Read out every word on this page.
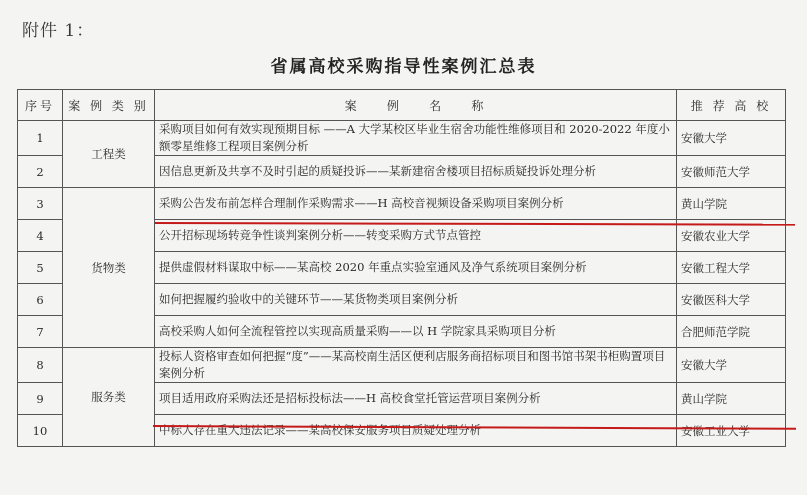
附件 1：
省属高校采购指导性案例汇总表
序号	案 例 类 别	案    例    名    称	推 荐 高 校
1	工程类	采购项目如何有效实现预期目标 ——A 大学某校区毕业生宿舍功能性维修项目和 2020-2022 年度小额零星维修工程项目案例分析	安徽大学
2		因信息更新及共享不及时引起的质疑投诉——某新建宿舍楼项目招标质疑投诉处理分析	安徽师范大学
3	货物类	采购公告发布前怎样合理制作采购需求——H 高校音视频设备采购项目案例分析	黄山学院
4		公开招标现场转竞争性谈判案例分析——转变采购方式节点管控	安徽农业大学
5		提供虚假材料谋取中标——某高校 2020 年重点实验室通风及净气系统项目案例分析	安徽工程大学
6		如何把握履约验收中的关键环节——某货物类项目案例分析	安徽医科大学
7		高校采购人如何全流程管控以实现高质量采购——以 H 学院家具采购项目分析	合肥师范学院
8	服务类	投标人资格审查如何把握“度”——某高校南生活区便利店服务商招标项目和图书馆书架书柜购置项目案例分析	安徽大学
9		项目适用政府采购法还是招标投标法——H 高校食堂托管运营项目案例分析	黄山学院
10		中标人存在重大违法记录——某高校保安服务项目质疑处理分析	安徽工业大学
